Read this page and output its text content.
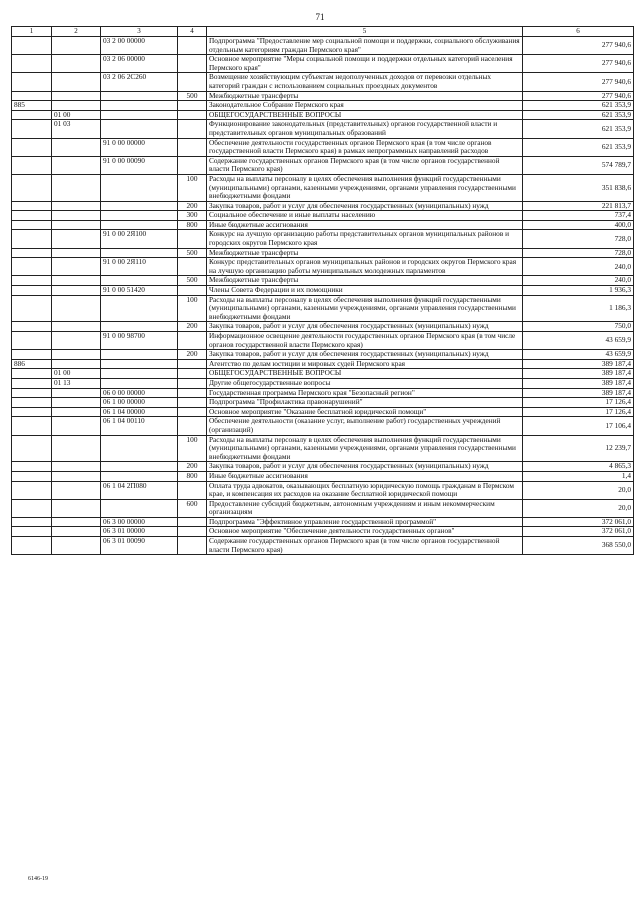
71
1	2	3	4	5	6
		03 2 00 00000		Подпрограмма "Предоставление мер социальной помощи и поддержки, социального обслуживания отдельным категориям граждан Пермского края"	277 940,6
		03 2 06 00000		Основное мероприятие "Меры социальной помощи и поддержки отдельных категорий населения Пермского края"	277 940,6
		03 2 06 2С260		Возмещение хозяйствующим субъектам недополученных доходов от перевозки отдельных категорий граждан с использованием социальных проездных документов	277 940,6
			500	Межбюджетные трансферты	277 940,6
885				Законодательное Собрание Пермского края	621 353,9
	01 00			ОБЩЕГОСУДАРСТВЕННЫЕ ВОПРОСЫ	621 353,9
	01 03			Функционирование законодательных (представительных) органов государственной власти и представительных органов муниципальных образований	621 353,9
		91 0 00 00000		Обеспечение деятельности государственных органов Пермского края (в том числе органов государственной власти Пермского края) в рамках непрограммных направлений расходов	621 353,9
		91 0 00 00090		Содержание государственных органов Пермского края (в том числе органов государственной власти Пермского края)	574 789,7
			100	Расходы на выплаты персоналу в целях обеспечения выполнения функций государственными (муниципальными) органами, казенными учреждениями, органами управления государственными внебюджетными фондами	351 838,6
			200	Закупка товаров, работ и услуг для обеспечения государственных (муниципальных) нужд	221 813,7
			300	Социальное обеспечение и иные выплаты населению	737,4
			800	Иные бюджетные ассигнования	400,0
		91 0 00 2Я100		Конкурс на лучшую организацию работы представительных органов муниципальных районов и городских округов Пермского края	728,0
			500	Межбюджетные трансферты	728,0
		91 0 00 2Я110		Конкурс представительных органов муниципальных районов и городских округов Пермского края на лучшую организацию работы муниципальных молодежных парламентов	240,0
			500	Межбюджетные трансферты	240,0
		91 0 00 51420		Члены Совета Федерации и их помощники	1 936,3
			100	Расходы на выплаты персоналу в целях обеспечения выполнения функций государственными (муниципальными) органами, казенными учреждениями, органами управления государственными внебюджетными фондами	1 186,3
			200	Закупка товаров, работ и услуг для обеспечения государственных (муниципальных) нужд	750,0
		91 0 00 98700		Информационное освещение деятельности государственных органов Пермского края (в том числе органов государственной власти Пермского края)	43 659,9
			200	Закупка товаров, работ и услуг для обеспечения государственных (муниципальных) нужд	43 659,9
886				Агентство по делам юстиции и мировых судей Пермского края	389 187,4
	01 00			ОБЩЕГОСУДАРСТВЕННЫЕ ВОПРОСЫ	389 187,4
	01 13			Другие общегосударственные вопросы	389 187,4
		06 0 00 00000		Государственная программа Пермского края "Безопасный регион"	389 187,4
		06 1 00 00000		Подпрограмма "Профилактика правонарушений"	17 126,4
		06 1 04 00000		Основное мероприятие "Оказание бесплатной юридической помощи"	17 126,4
		06 1 04 00110		Обеспечение деятельности (оказание услуг, выполнение работ) государственных учреждений (организаций)	17 106,4
			100	Расходы на выплаты персоналу в целях обеспечения выполнения функций государственными (муниципальными) органами, казенными учреждениями, органами управления государственными внебюджетными фондами	12 239,7
			200	Закупка товаров, работ и услуг для обеспечения государственных (муниципальных) нужд	4 865,3
			800	Иные бюджетные ассигнования	1,4
		06 1 04 2П080		Оплата труда адвокатов, оказывающих бесплатную юридическую помощь гражданам в Пермском крае, и компенсация их расходов на оказание бесплатной юридической помощи	20,0
			600	Предоставление субсидий бюджетным, автономным учреждениям и иным некоммерческим организациям	20,0
		06 3 00 00000		Подпрограмма "Эффективное управление государственной программой"	372 061,0
		06 3 01 00000		Основное мероприятие "Обеспечение деятельности государственных органов"	372 061,0
		06 3 01 00090		Содержание государственных органов Пермского края (в том числе органов государственной власти Пермского края)	368 550,0
6146-19
